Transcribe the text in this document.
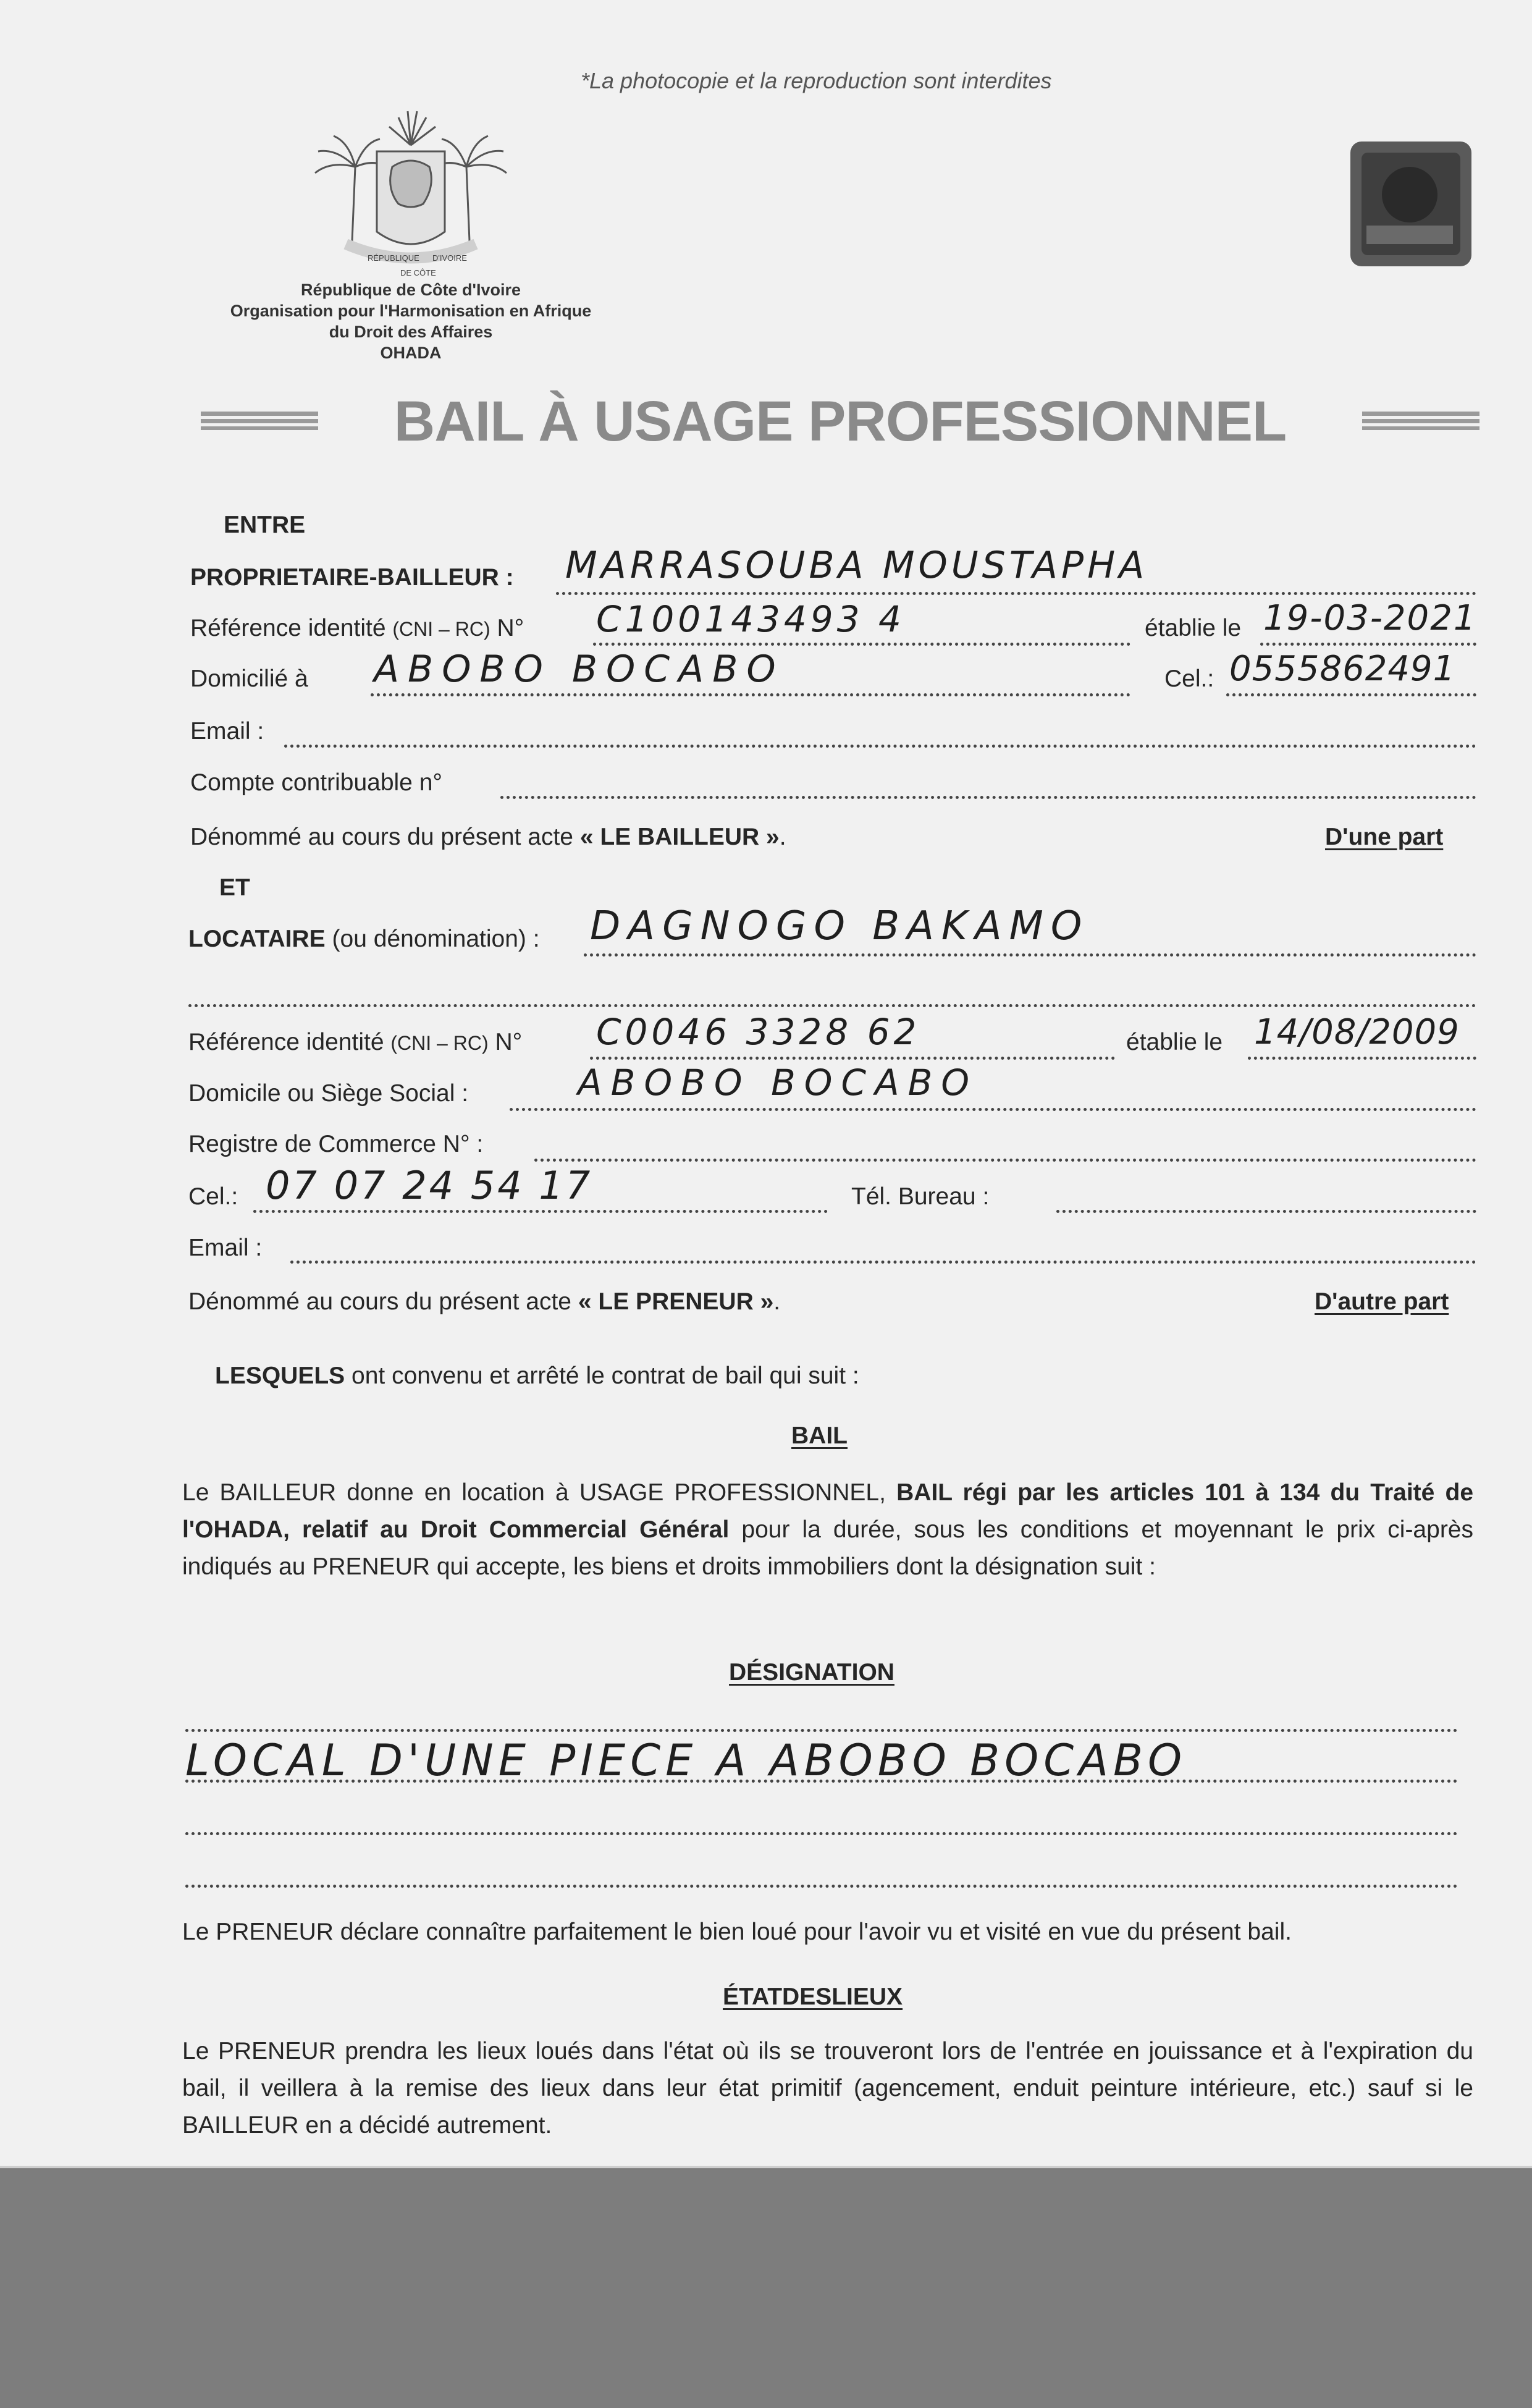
*La photocopie et la reproduction sont interdites
RÉPUBLIQUE
DE CÔTE
D'IVOIRE
République de Côte d'Ivoire
Organisation pour l'Harmonisation en Afrique
du Droit des Affaires
OHADA
BAIL À USAGE PROFESSIONNEL
ENTRE
PROPRIETAIRE-BAILLEUR : MARRASOUBA MOUSTAPHA
Référence identité (CNI – RC) N° C100143493 4	établie le 19-03-2021
Domicilié à ABOBO BOCABO	Cel.: 0555862491
Email :
Compte contribuable n°
Dénommé au cours du présent acte « LE BAILLEUR ».	D'une part
ET
LOCATAIRE (ou dénomination) : DAGNOGO BAKAMO
Référence identité (CNI – RC) N° C0046 3328 62	établie le 14/08/2009
Domicile ou Siège Social :	ABOBO BOCABO
Registre de Commerce N° :
Cel.: 07 07 24 54 17	Tél. Bureau :
Email :
Dénommé au cours du présent acte « LE PRENEUR ».	D'autre part
LESQUELS ont convenu et arrêté le contrat de bail qui suit :
BAIL
Le BAILLEUR donne en location à USAGE PROFESSIONNEL, BAIL régi par les articles 101 à 134 du Traité de l'OHADA, relatif au Droit Commercial Général pour la durée, sous les conditions et moyennant le prix ci-après indiqués au PRENEUR qui accepte, les biens et droits immobiliers dont la désignation suit :
DÉSIGNATION
LOCAL D'UNE PIECE A ABOBO BOCABO
Le PRENEUR déclare connaître parfaitement le bien loué pour l'avoir vu et visité en vue du présent bail.
ÉTATDESLIEUX
Le PRENEUR prendra les lieux loués dans l'état où ils se trouveront lors de l'entrée en jouissance et à l'expiration du bail, il veillera à la remise des lieux dans leur état primitif (agencement, enduit peinture intérieure, etc.) sauf si le BAILLEUR en a décidé autrement.
